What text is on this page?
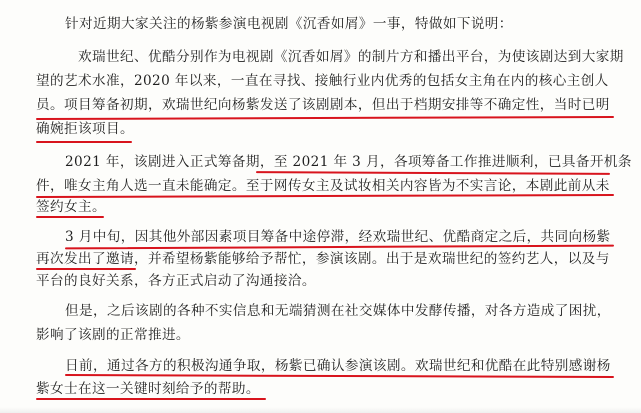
针对近期大家关注的杨紫参演电视剧《沉香如屑》一事，特做如下说明：
欢瑞世纪、优酷分别作为电视剧《沉香如屑》的制片方和播出平台，为使该剧达到大家期
望的艺术水准，2020 年以来，一直在寻找、接触行业内优秀的包括女主角在内的核心主创人
员。项目筹备初期，欢瑞世纪向杨紫发送了该剧剧本，但出于档期安排等不确定性，当时已明
确婉拒该项目。
2021 年，该剧进入正式筹备期，至 2021 年 3 月，各项筹备工作推进顺利，已具备开机条
件，唯女主角人选一直未能确定。至于网传女主及试妆相关内容皆为不实言论，本剧此前从未
签约女主。
3 月中旬，因其他外部因素项目筹备中途停滞，经欢瑞世纪、优酷商定之后，共同向杨紫
再次发出了邀请，并希望杨紫能够给予帮忙，参演该剧。出于是欢瑞世纪的签约艺人，以及与
平台的良好关系，各方正式启动了沟通接洽。
但是，之后该剧的各种不实信息和无端猜测在社交媒体中发酵传播，对各方造成了困扰，
影响了该剧的正常推进。
日前，通过各方的积极沟通争取，杨紫已确认参演该剧。欢瑞世纪和优酷在此特别感谢杨
紫女士在这一关键时刻给予的帮助。
